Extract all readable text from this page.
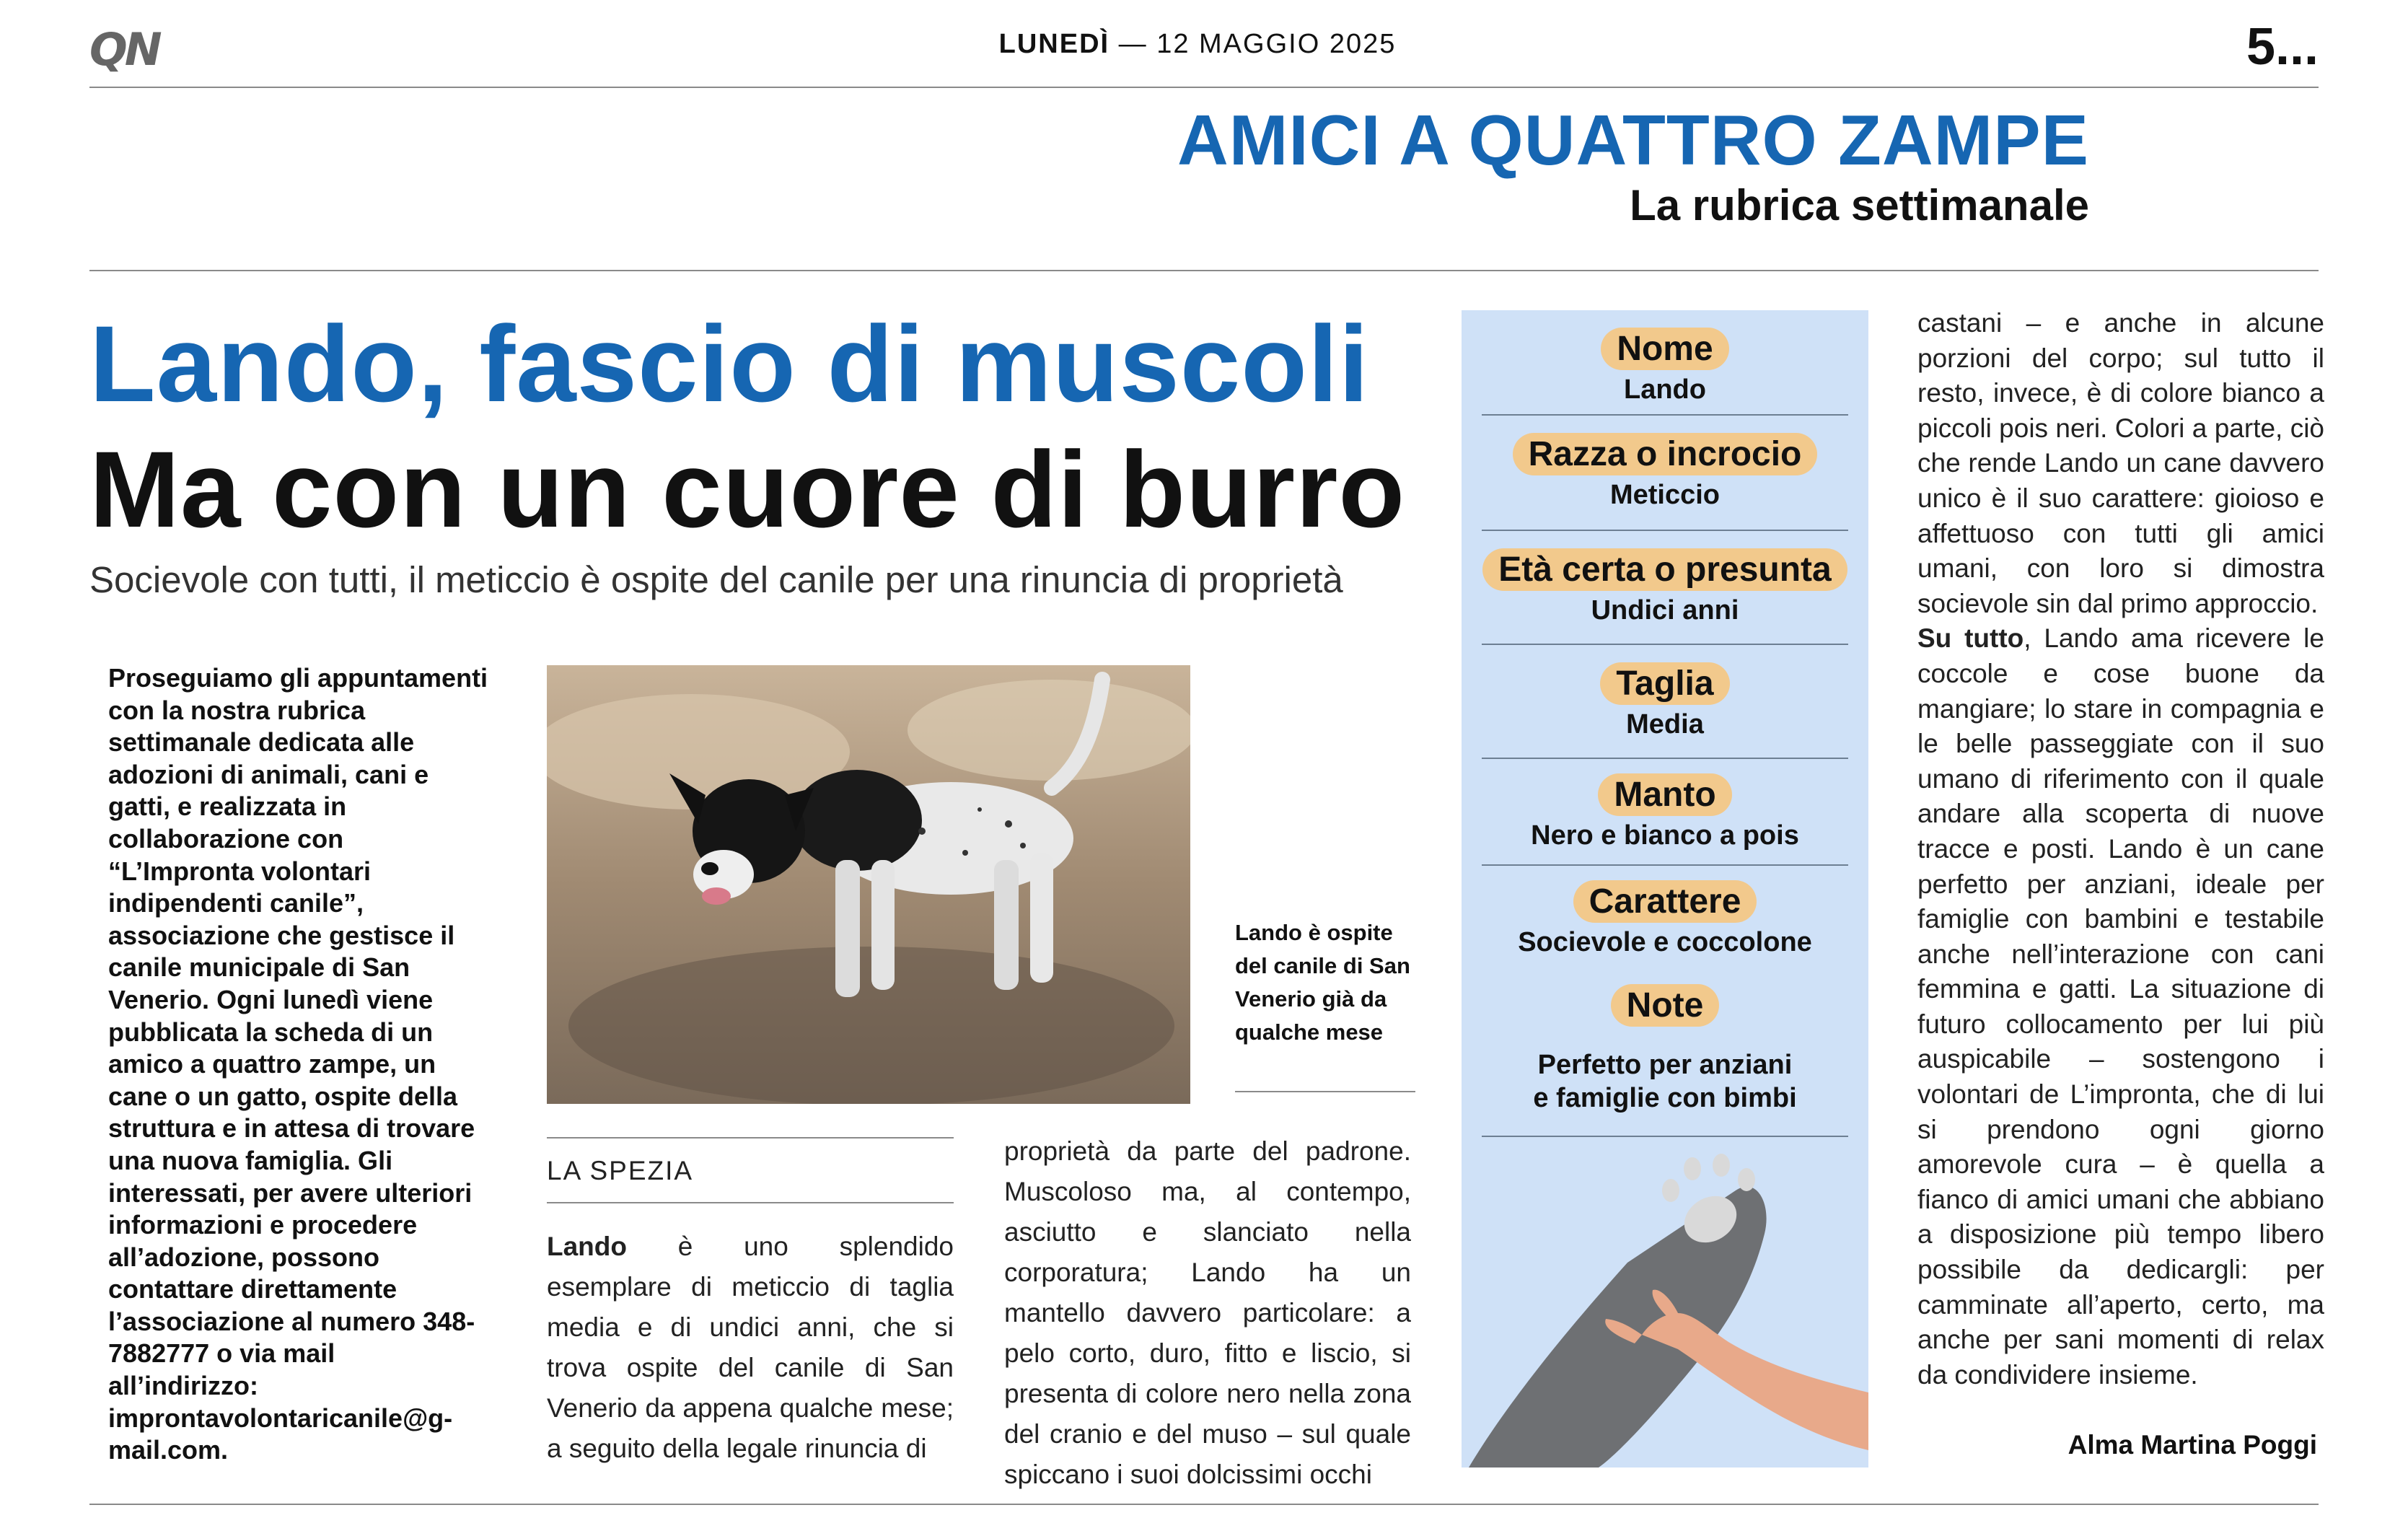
QN	LUNEDÌ — 12 MAGGIO 2025	5...
AMICI A QUATTRO ZAMPE
La rubrica settimanale
Lando, fascio di muscoli
Ma con un cuore di burro
Socievole con tutti, il meticcio è ospite del canile per una rinuncia di proprietà
Proseguiamo gli appuntamenti con la nostra rubrica settimanale dedicata alle adozioni di animali, cani e gatti, e realizzata in collaborazione con “L’Impronta volontari indipendenti canile”, associazione che gestisce il canile municipale di San Venerio. Ogni lunedì viene pubblicata la scheda di un amico a quattro zampe, un cane o un gatto, ospite della struttura e in attesa di trovare una nuova famiglia. Gli interessati, per avere ulteriori informazioni e procedere all’adozione, possono contattare direttamente l’associazione al numero 348-7882777 o via mail all’indirizzo: improntavolontaricanile@g-mail.com.
Lando è ospite del canile di San Venerio già da qualche mese
LA SPEZIA
Lando è uno splendido esemplare di meticcio di taglia media e di undici anni, che si trova ospite del canile di San Venerio da appena qualche mese; a seguito della legale rinuncia di
proprietà da parte del padrone. Muscoloso ma, al contempo, asciutto e slanciato nella corporatura; Lando ha un mantello davvero particolare: a pelo corto, duro, fitto e liscio, si presenta di colore nero nella zona del cranio e del muso – sul quale spiccano i suoi dolcissimi occhi
castani – e anche in alcune porzioni del corpo; sul tutto il resto, invece, è di colore bianco a piccoli pois neri. Colori a parte, ciò che rende Lando un cane davvero unico è il suo carattere: gioioso e affettuoso con tutti gli amici umani, con loro si dimostra socievole sin dal primo approccio.
Su tutto, Lando ama ricevere le coccole e cose buone da mangiare; lo stare in compagnia e le belle passeggiate con il suo umano di riferimento con il quale andare alla scoperta di nuove tracce e posti. Lando è un cane perfetto per anziani, ideale per famiglie con bambini e testabile anche nell’interazione con cani femmina e gatti. La situazione di futuro collocamento per lui più auspicabile – sostengono i volontari de L’impronta, che di lui si prendono ogni giorno amorevole cura – è quella a fianco di amici umani che abbiano a disposizione più tempo libero possibile da dedicargli: per camminate all’aperto, certo, ma anche per sani momenti di relax da condividere insieme.
Alma Martina Poggi
Nome
Lando
Razza o incrocio
Meticcio
Età certa o presunta
Undici anni
Taglia
Media
Manto
Nero e bianco a pois
Carattere
Socievole e coccolone
Note
Perfetto per anziani
e famiglie con bimbi
